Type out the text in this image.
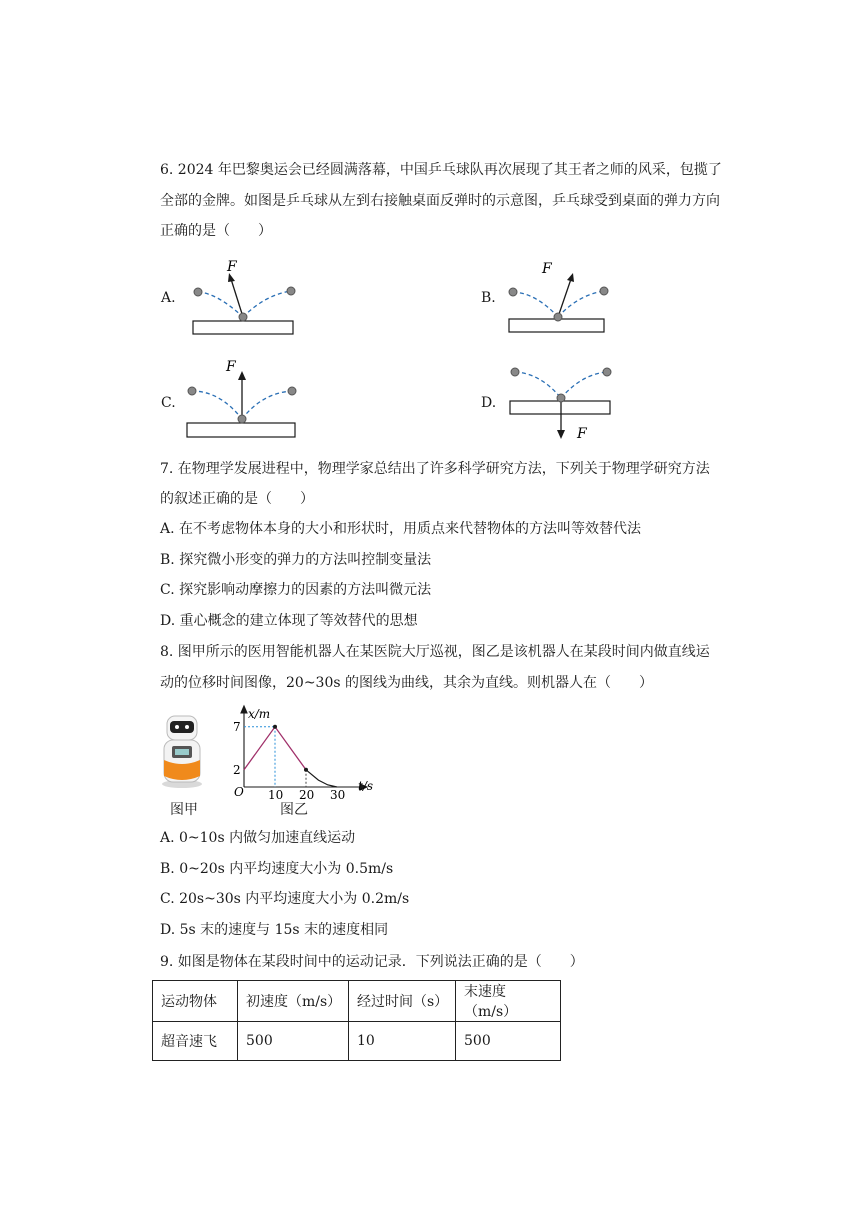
6. 2024 年巴黎奥运会已经圆满落幕，中国乒乓球队再次展现了其王者之师的风采，包揽了
全部的金牌。如图是乒乓球从左到右接触桌面反弹时的示意图，乒乓球受到桌面的弹力方向
正确的是（　　）
A.
F
B.
F
C.
F
D.
F
7. 在物理学发展进程中，物理学家总结出了许多科学研究方法，下列关于物理学研究方法
的叙述正确的是（　　）
A. 在不考虑物体本身的大小和形状时，用质点来代替物体的方法叫等效替代法
B. 探究微小形变的弹力的方法叫控制变量法
C. 探究影响动摩擦力的因素的方法叫微元法
D. 重心概念的建立体现了等效替代的思想
8. 图甲所示的医用智能机器人在某医院大厅巡视，图乙是该机器人在某段时间内做直线运
动的位移时间图像，20~30s 的图线为曲线，其余为直线。则机器人在（　　）
图甲
10 20 30
7
2
x/m
t/s
O
图乙
A. 0~10s 内做匀加速直线运动
B. 0~20s 内平均速度大小为 0.5m/s
C. 20s~30s 内平均速度大小为 0.2m/s
D. 5s 末的速度与 15s 末的速度相同
9. 如图是物体在某段时间中的运动记录．下列说法正确的是（　　）
运动物体	初速度（m/s）	经过时间（s）	末速度（m/s）
超音速飞	500	10	500
